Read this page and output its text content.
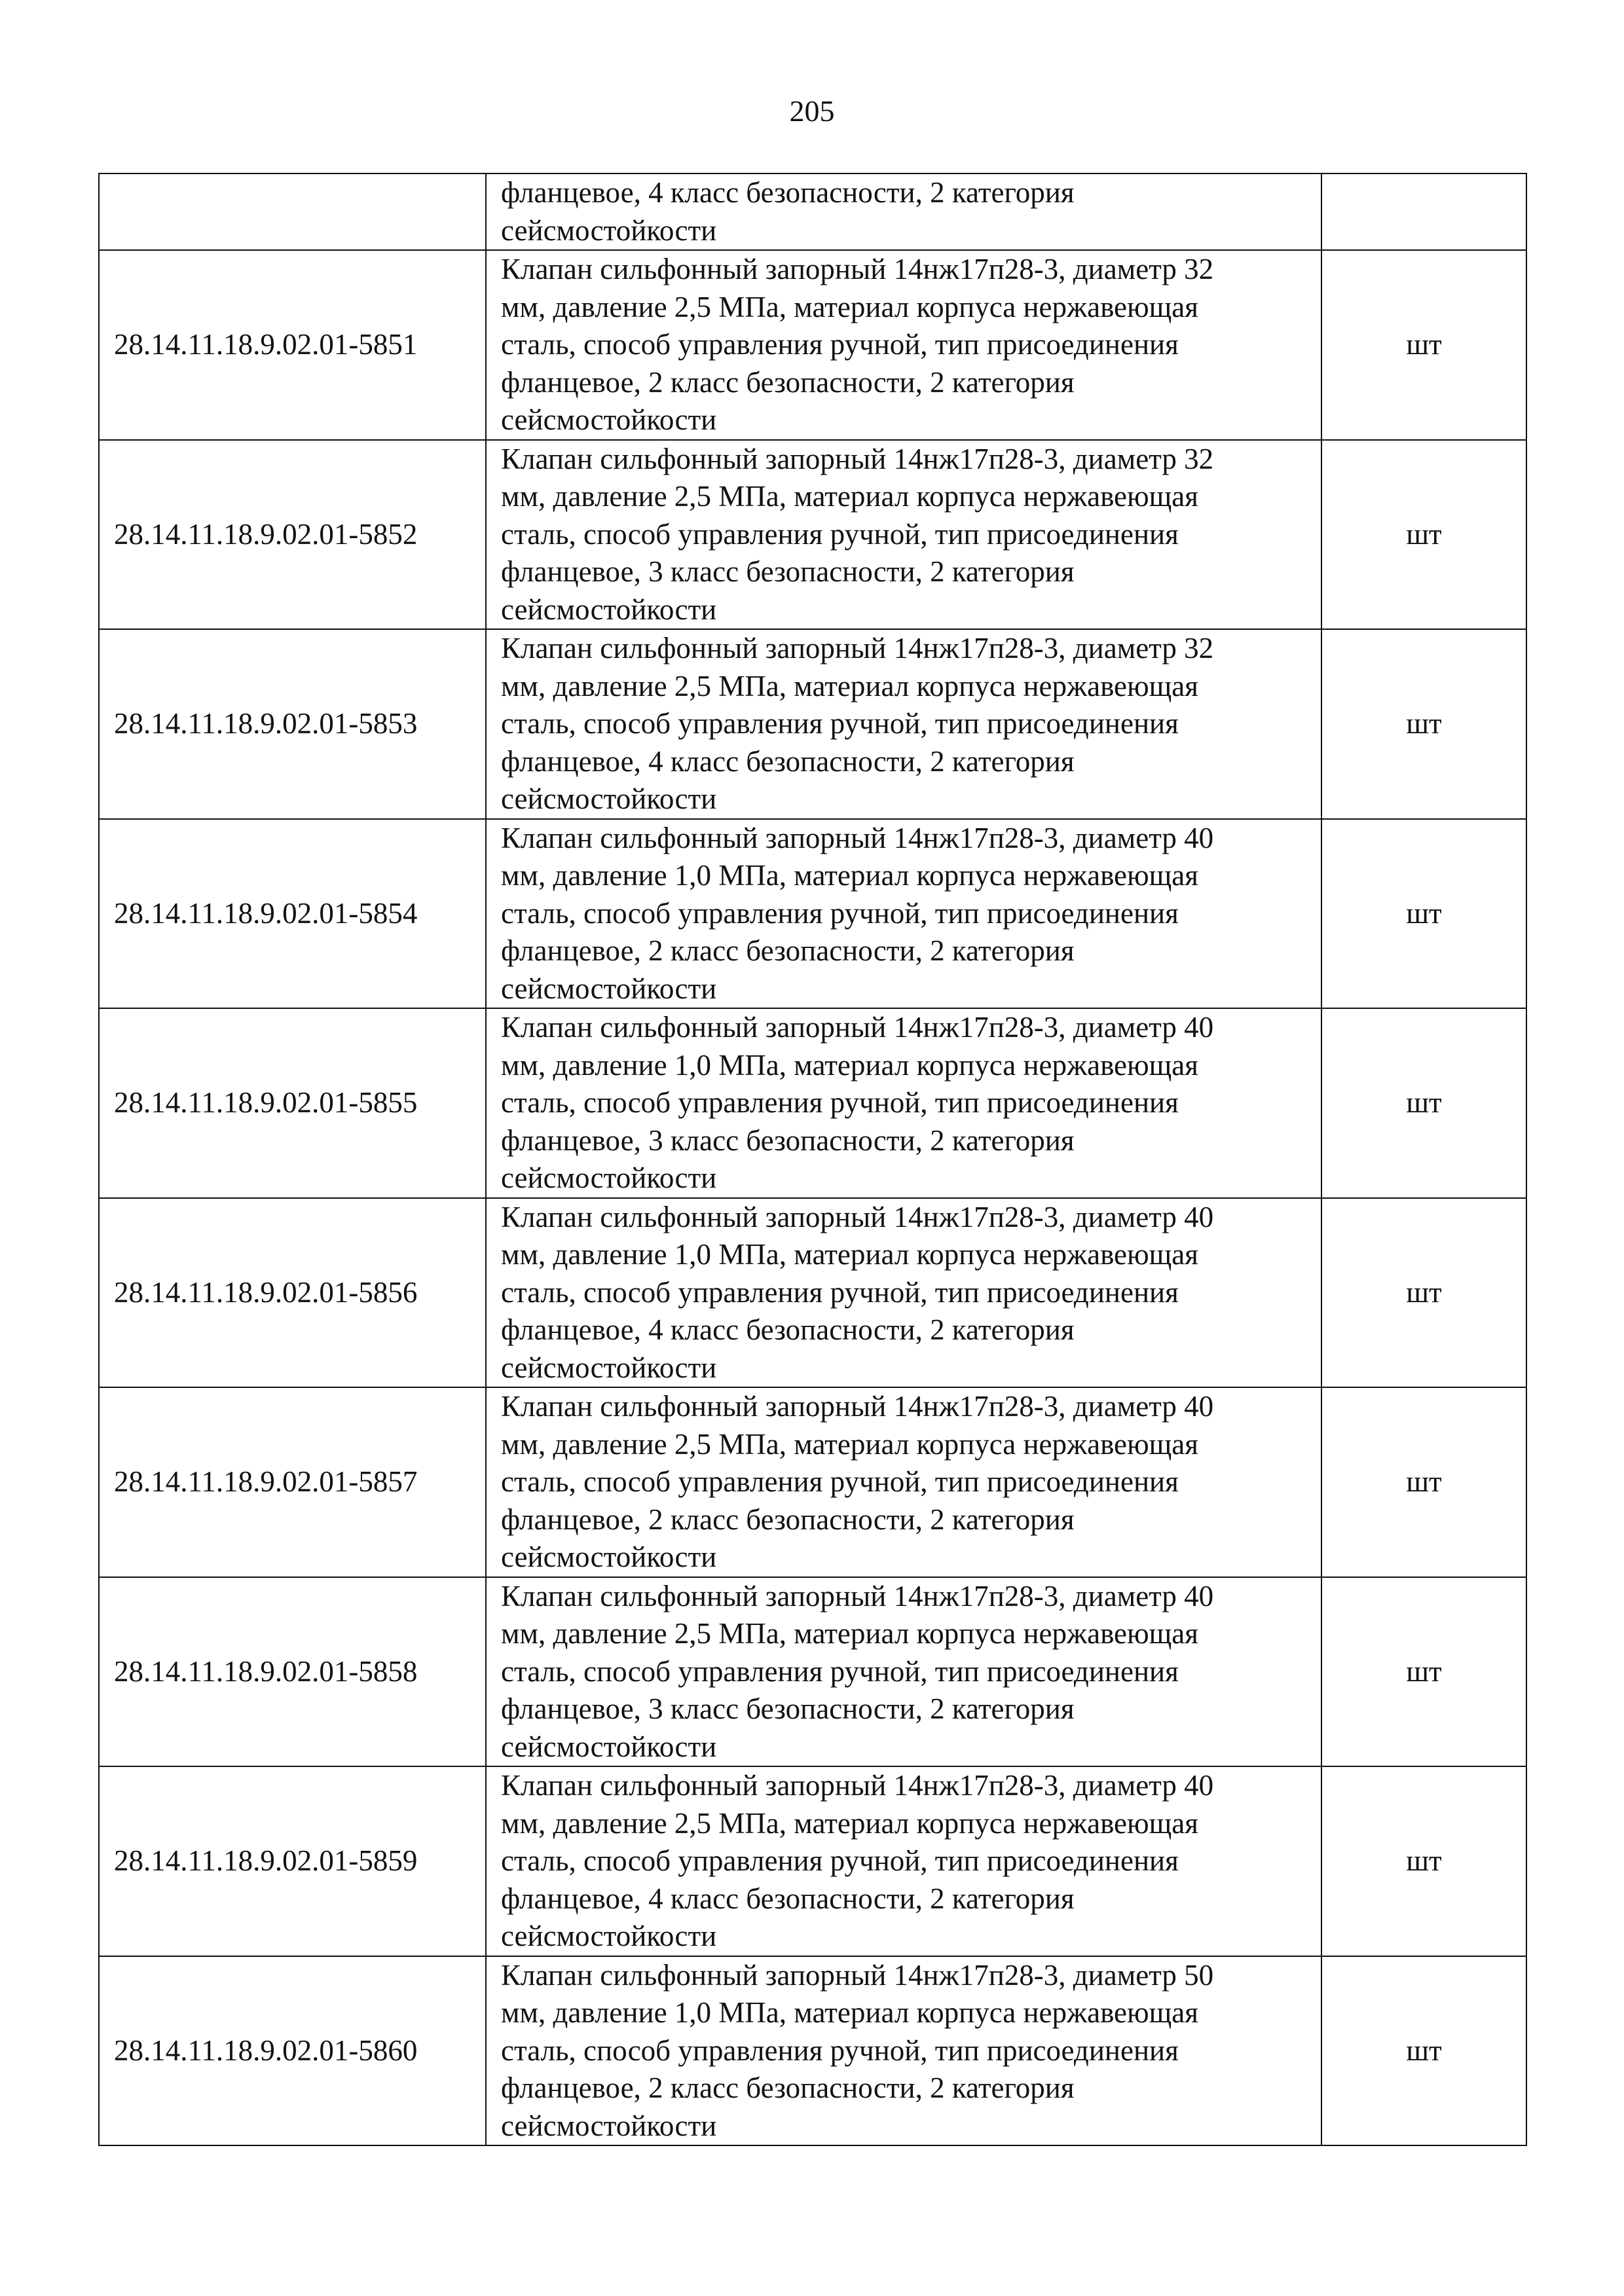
205

	фланцевое, 4 класс безопасности, 2 категория
сейсмостойкости	

28.14.11.18.9.02.01-5851	Клапан сильфонный запорный 14нж17п28-3, диаметр 32
мм, давление 2,5 МПа, материал корпуса нержавеющая
сталь, способ управления ручной, тип присоединения
фланцевое, 2 класс безопасности, 2 категория
сейсмостойкости	шт
28.14.11.18.9.02.01-5852	Клапан сильфонный запорный 14нж17п28-3, диаметр 32
мм, давление 2,5 МПа, материал корпуса нержавеющая
сталь, способ управления ручной, тип присоединения
фланцевое, 3 класс безопасности, 2 категория
сейсмостойкости	шт
28.14.11.18.9.02.01-5853	Клапан сильфонный запорный 14нж17п28-3, диаметр 32
мм, давление 2,5 МПа, материал корпуса нержавеющая
сталь, способ управления ручной, тип присоединения
фланцевое, 4 класс безопасности, 2 категория
сейсмостойкости	шт
28.14.11.18.9.02.01-5854	Клапан сильфонный запорный 14нж17п28-3, диаметр 40
мм, давление 1,0 МПа, материал корпуса нержавеющая
сталь, способ управления ручной, тип присоединения
фланцевое, 2 класс безопасности, 2 категория
сейсмостойкости	шт
28.14.11.18.9.02.01-5855	Клапан сильфонный запорный 14нж17п28-3, диаметр 40
мм, давление 1,0 МПа, материал корпуса нержавеющая
сталь, способ управления ручной, тип присоединения
фланцевое, 3 класс безопасности, 2 категория
сейсмостойкости	шт
28.14.11.18.9.02.01-5856	Клапан сильфонный запорный 14нж17п28-3, диаметр 40
мм, давление 1,0 МПа, материал корпуса нержавеющая
сталь, способ управления ручной, тип присоединения
фланцевое, 4 класс безопасности, 2 категория
сейсмостойкости	шт
28.14.11.18.9.02.01-5857	Клапан сильфонный запорный 14нж17п28-3, диаметр 40
мм, давление 2,5 МПа, материал корпуса нержавеющая
сталь, способ управления ручной, тип присоединения
фланцевое, 2 класс безопасности, 2 категория
сейсмостойкости	шт
28.14.11.18.9.02.01-5858	Клапан сильфонный запорный 14нж17п28-3, диаметр 40
мм, давление 2,5 МПа, материал корпуса нержавеющая
сталь, способ управления ручной, тип присоединения
фланцевое, 3 класс безопасности, 2 категория
сейсмостойкости	шт
28.14.11.18.9.02.01-5859	Клапан сильфонный запорный 14нж17п28-3, диаметр 40
мм, давление 2,5 МПа, материал корпуса нержавеющая
сталь, способ управления ручной, тип присоединения
фланцевое, 4 класс безопасности, 2 категория
сейсмостойкости	шт
28.14.11.18.9.02.01-5860	Клапан сильфонный запорный 14нж17п28-3, диаметр 50
мм, давление 1,0 МПа, материал корпуса нержавеющая
сталь, способ управления ручной, тип присоединения
фланцевое, 2 класс безопасности, 2 категория
сейсмостойкости	шт
